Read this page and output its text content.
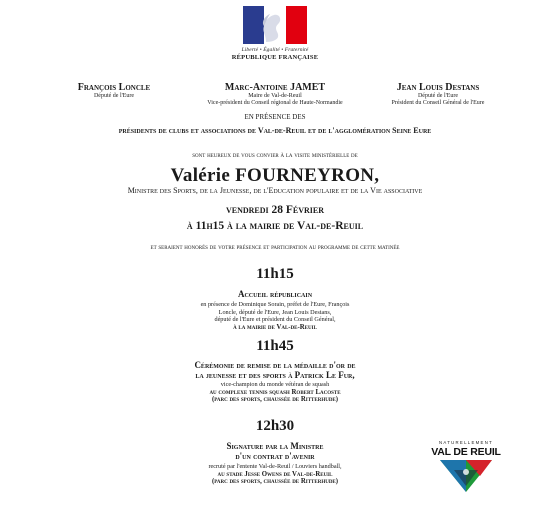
Liberté • Égalité • Fraternité
RÉPUBLIQUE FRANÇAISE
François Loncle
Député de l'Eure
Marc-Antoine JAMET
Maire de Val-de-Reuil
Vice-président du Conseil régional de Haute-Normandie
Jean Louis Destans
Député de l'Eure
Président du Conseil Général de l'Eure
EN PRÉSENCE DES
présidents de clubs et associations de Val-de-Reuil et de l'agglomération Seine Eure
sont heureux de vous convier à la visite ministérielle de
Valérie FOURNEYRON,
Ministre des Sports, de la Jeunesse, de l'Education populaire et de la Vie associative
vendredi 28 Février
à 11h15 à la mairie de Val-de-Reuil
et seraient honorés de votre présence et participation au programme de cette matinée
11h15
Accueil républicain
en présence de Dominique Sorain, préfet de l'Eure, François
Loncle, député de l'Eure, Jean Louis Destans,
député de l'Eure et président du Conseil Général,
à la mairie de Val-de-Reuil
11h45
Cérémonie de remise de la médaille d'or de
la jeunesse et des sports à Patrick Le Fur,
vice-champion du monde vétéran de squash
au complexe tennis squash Robert Lacoste
(parc des sports, chaussée de Ritterhude)
12h30
Signature par la Ministre
d'un contrat d'avenir
recruté par l'entente Val-de-Reuil / Louviers handball,
au stade Jesse Owens de Val-de-Reuil
(parc des sports, chaussée de Ritterhude)
NATURELLEMENT
VAL DE REUIL
